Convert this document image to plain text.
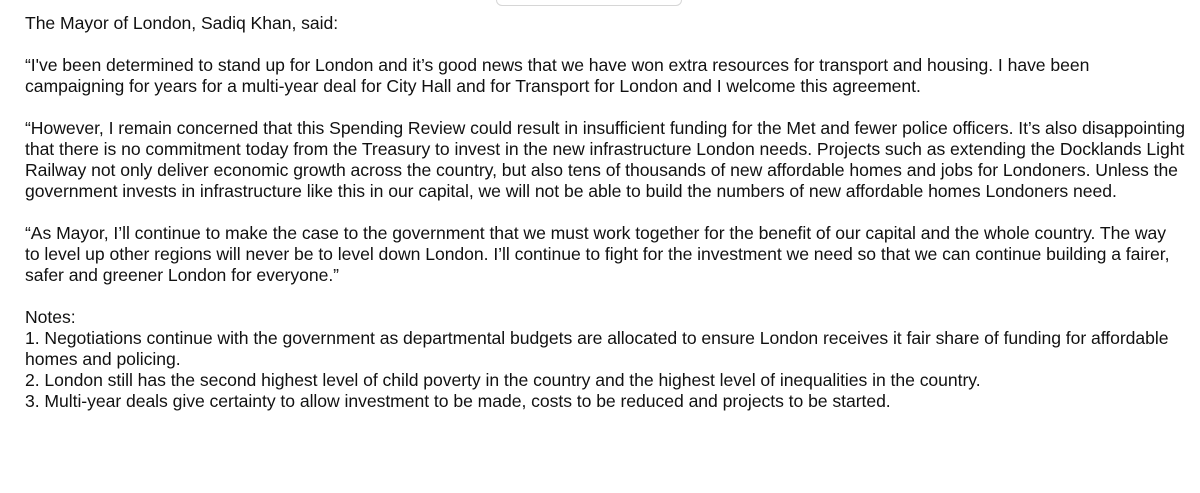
The Mayor of London, Sadiq Khan, said:

“I've been determined to stand up for London and it’s good news that we have won extra resources for transport and housing. I have been campaigning for years for a multi-year deal for City Hall and for Transport for London and I welcome this agreement.

“However, I remain concerned that this Spending Review could result in insufficient funding for the Met and fewer police officers. It’s also disappointing that there is no commitment today from the Treasury to invest in the new infrastructure London needs. Projects such as extending the Docklands Light Railway not only deliver economic growth across the country, but also tens of thousands of new affordable homes and jobs for Londoners. Unless the government invests in infrastructure like this in our capital, we will not be able to build the numbers of new affordable homes Londoners need.

“As Mayor, I’ll continue to make the case to the government that we must work together for the benefit of our capital and the whole country. The way to level up other regions will never be to level down London. I’ll continue to fight for the investment we need so that we can continue building a fairer, safer and greener London for everyone.”

Notes:
1. Negotiations continue with the government as departmental budgets are allocated to ensure London receives it fair share of funding for affordable homes and policing.
2. London still has the second highest level of child poverty in the country and the highest level of inequalities in the country.
3. Multi-year deals give certainty to allow investment to be made, costs to be reduced and projects to be started.
